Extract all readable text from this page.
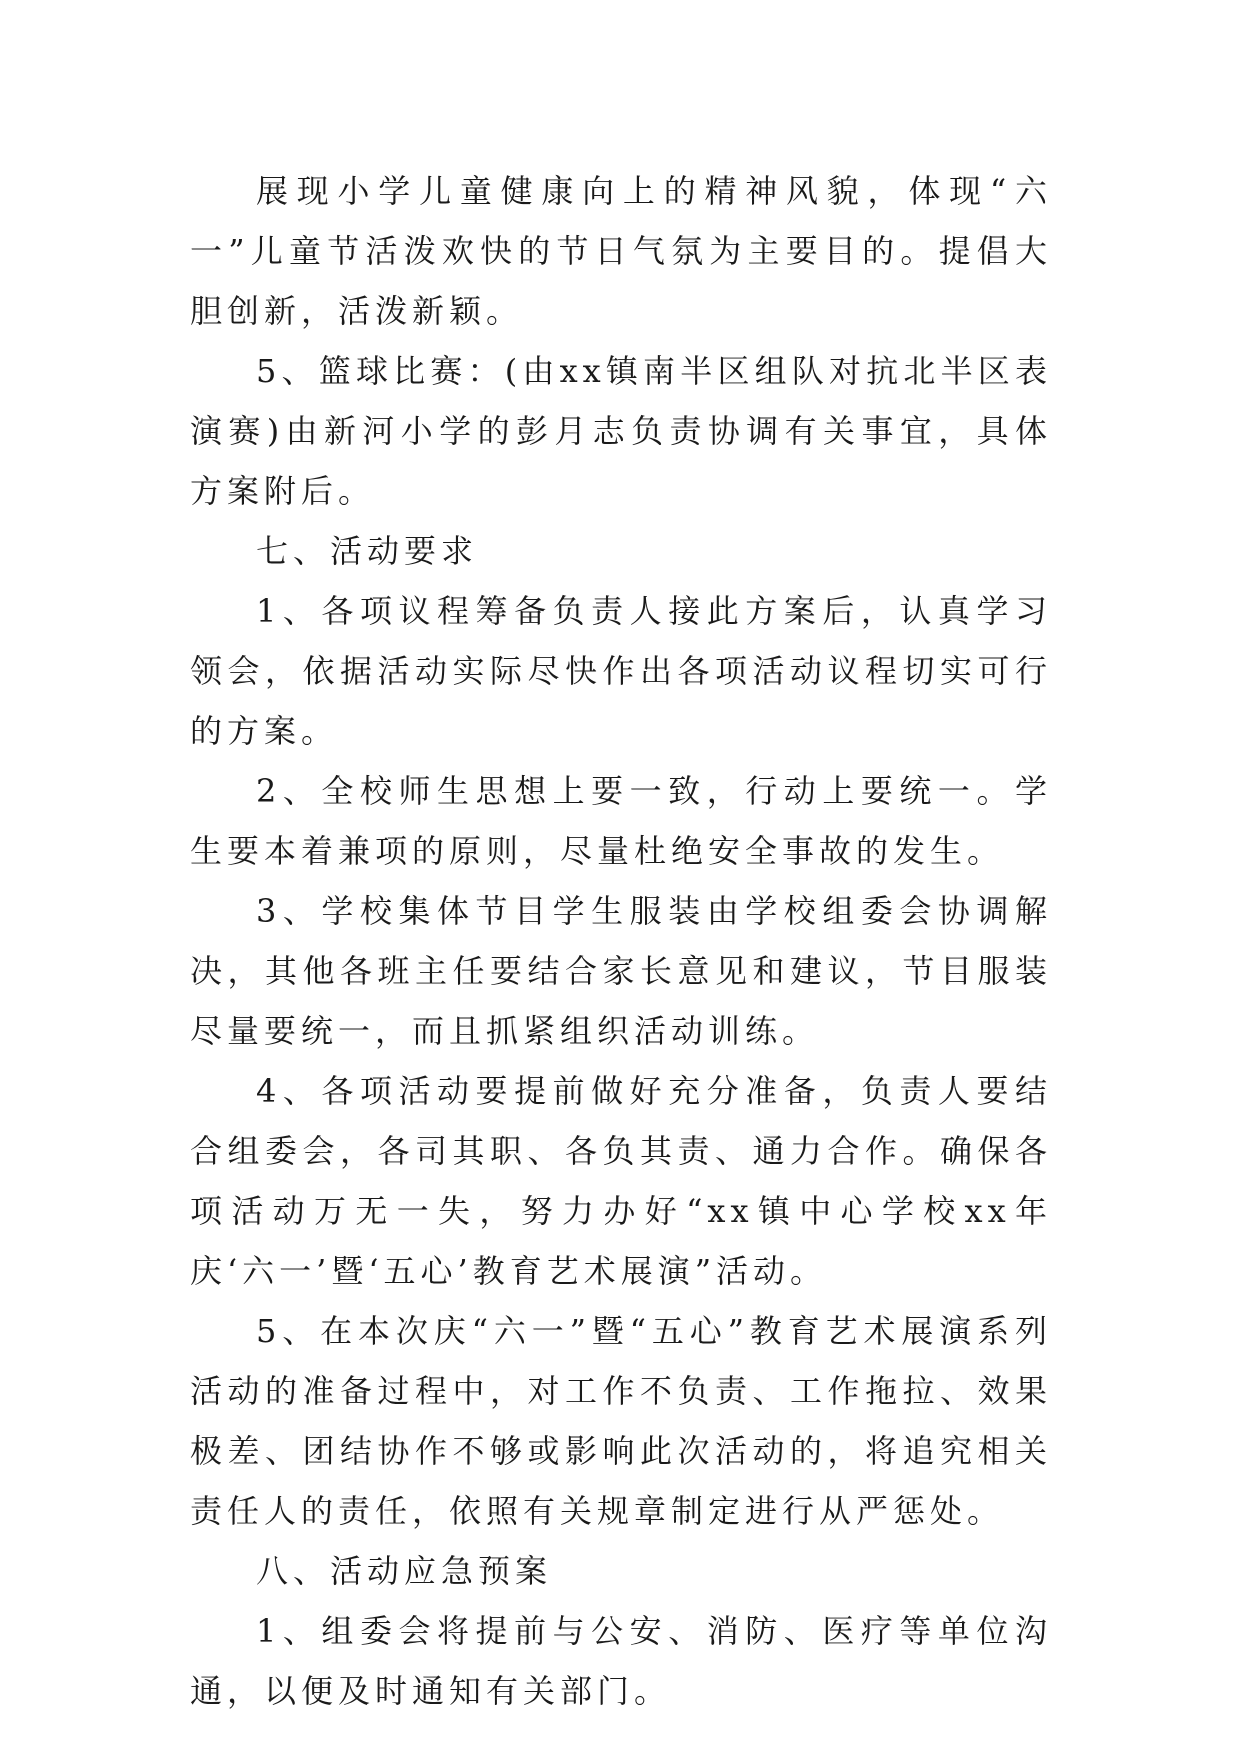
展现小学儿童健康向上的精神风貌，体现“六一”儿童节活泼欢快的节日气氛为主要目的。提倡大胆创新，活泼新颖。

5、篮球比赛：(由xx镇南半区组队对抗北半区表演赛)由新河小学的彭月志负责协调有关事宜，具体方案附后。

七、活动要求

1、各项议程筹备负责人接此方案后，认真学习领会，依据活动实际尽快作出各项活动议程切实可行的方案。

2、全校师生思想上要一致，行动上要统一。学生要本着兼项的原则，尽量杜绝安全事故的发生。

3、学校集体节目学生服装由学校组委会协调解决，其他各班主任要结合家长意见和建议，节目服装尽量要统一，而且抓紧组织活动训练。

4、各项活动要提前做好充分准备，负责人要结合组委会，各司其职、各负其责、通力合作。确保各项活动万无一失，努力办好“xx镇中心学校xx年庆‘六一’暨‘五心’教育艺术展演”活动。

5、在本次庆“六一”暨“五心”教育艺术展演系列活动的准备过程中，对工作不负责、工作拖拉、效果极差、团结协作不够或影响此次活动的，将追究相关责任人的责任，依照有关规章制定进行从严惩处。

八、活动应急预案

1、组委会将提前与公安、消防、医疗等单位沟通，以便及时通知有关部门。
